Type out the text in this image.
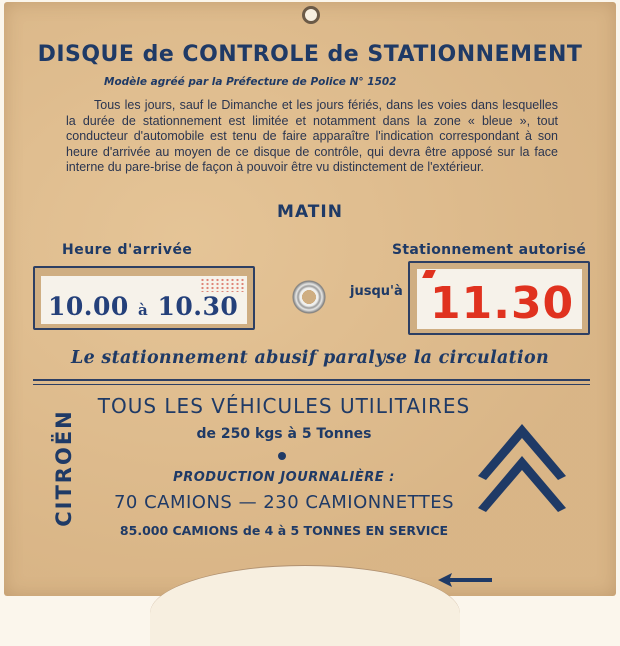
DISQUE de CONTROLE de STATIONNEMENT
Modèle agréé par la Préfecture de Police N° 1502
Tous les jours, sauf le Dimanche et les jours fériés, dans les voies dans lesquelles la durée de stationnement est limitée et notamment dans la zone « bleue », tout conducteur d'automobile est tenu de faire apparaître l'indication correspondant à son heure d'arrivée au moyen de ce disque de contrôle, qui devra être apposé sur la face interne du pare-brise de façon à pouvoir être vu distinctement de l'extérieur.
MATIN
Heure d'arrivée	Stationnement autorisé
10.00 à 10.30
jusqu'à 11.30
Le stationnement abusif paralyse la circulation
CITROËN
TOUS LES VÉHICULES UTILITAIRES
de 250 kgs à 5 Tonnes
PRODUCTION JOURNALIÈRE :
70 CAMIONS — 230 CAMIONNETTES
85.000 CAMIONS de 4 à 5 TONNES EN SERVICE
